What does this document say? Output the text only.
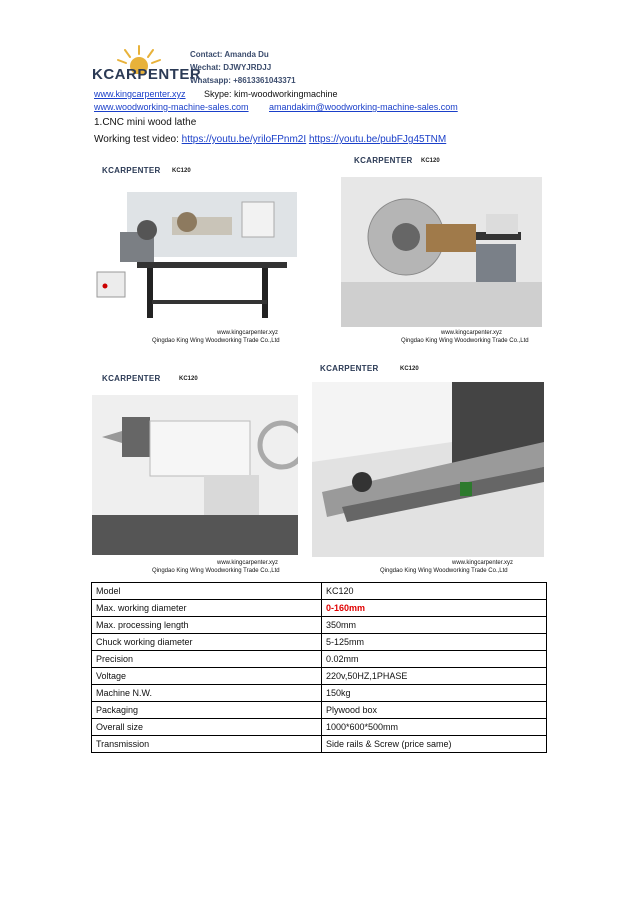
KCARPENTER
Contact: Amanda Du
Wechat: DJWYJRDJJ
Whatsapp: +8613361043371
www.kingcarpenter.xyz Skype: kim-woodworkingmachine
www.woodworking-machine-sales.com amandakim@woodworking-machine-sales.com
1.CNC mini wood lathe
Working test video: https://youtu.be/yriloFPnm2I https://youtu.be/pubFJg45TNM
KCARPENTER KC120
www.kingcarpenter.xyz
Qingdao King Wing Woodworking Trade Co.,Ltd
KCARPENTER KC120
www.kingcarpenter.xyz
Qingdao King Wing Woodworking Trade Co.,Ltd
KCARPENTER	KC120
www.kingcarpenter.xyz
Qingdao King Wing Woodworking Trade Co.,Ltd
KCARPENTER	KC120
www.kingcarpenter.xyz
Qingdao King Wing Woodworking Trade Co.,Ltd
Model	KC120
Max. working diameter	0-160mm
Max. processing length	350mm
Chuck working diameter	5-125mm
Precision	0.02mm
Voltage	220v,50HZ,1PHASE
Machine N.W.	150kg
Packaging	Plywood box
Overall size	1000*600*500mm
Transmission	Side rails & Screw (price same)
